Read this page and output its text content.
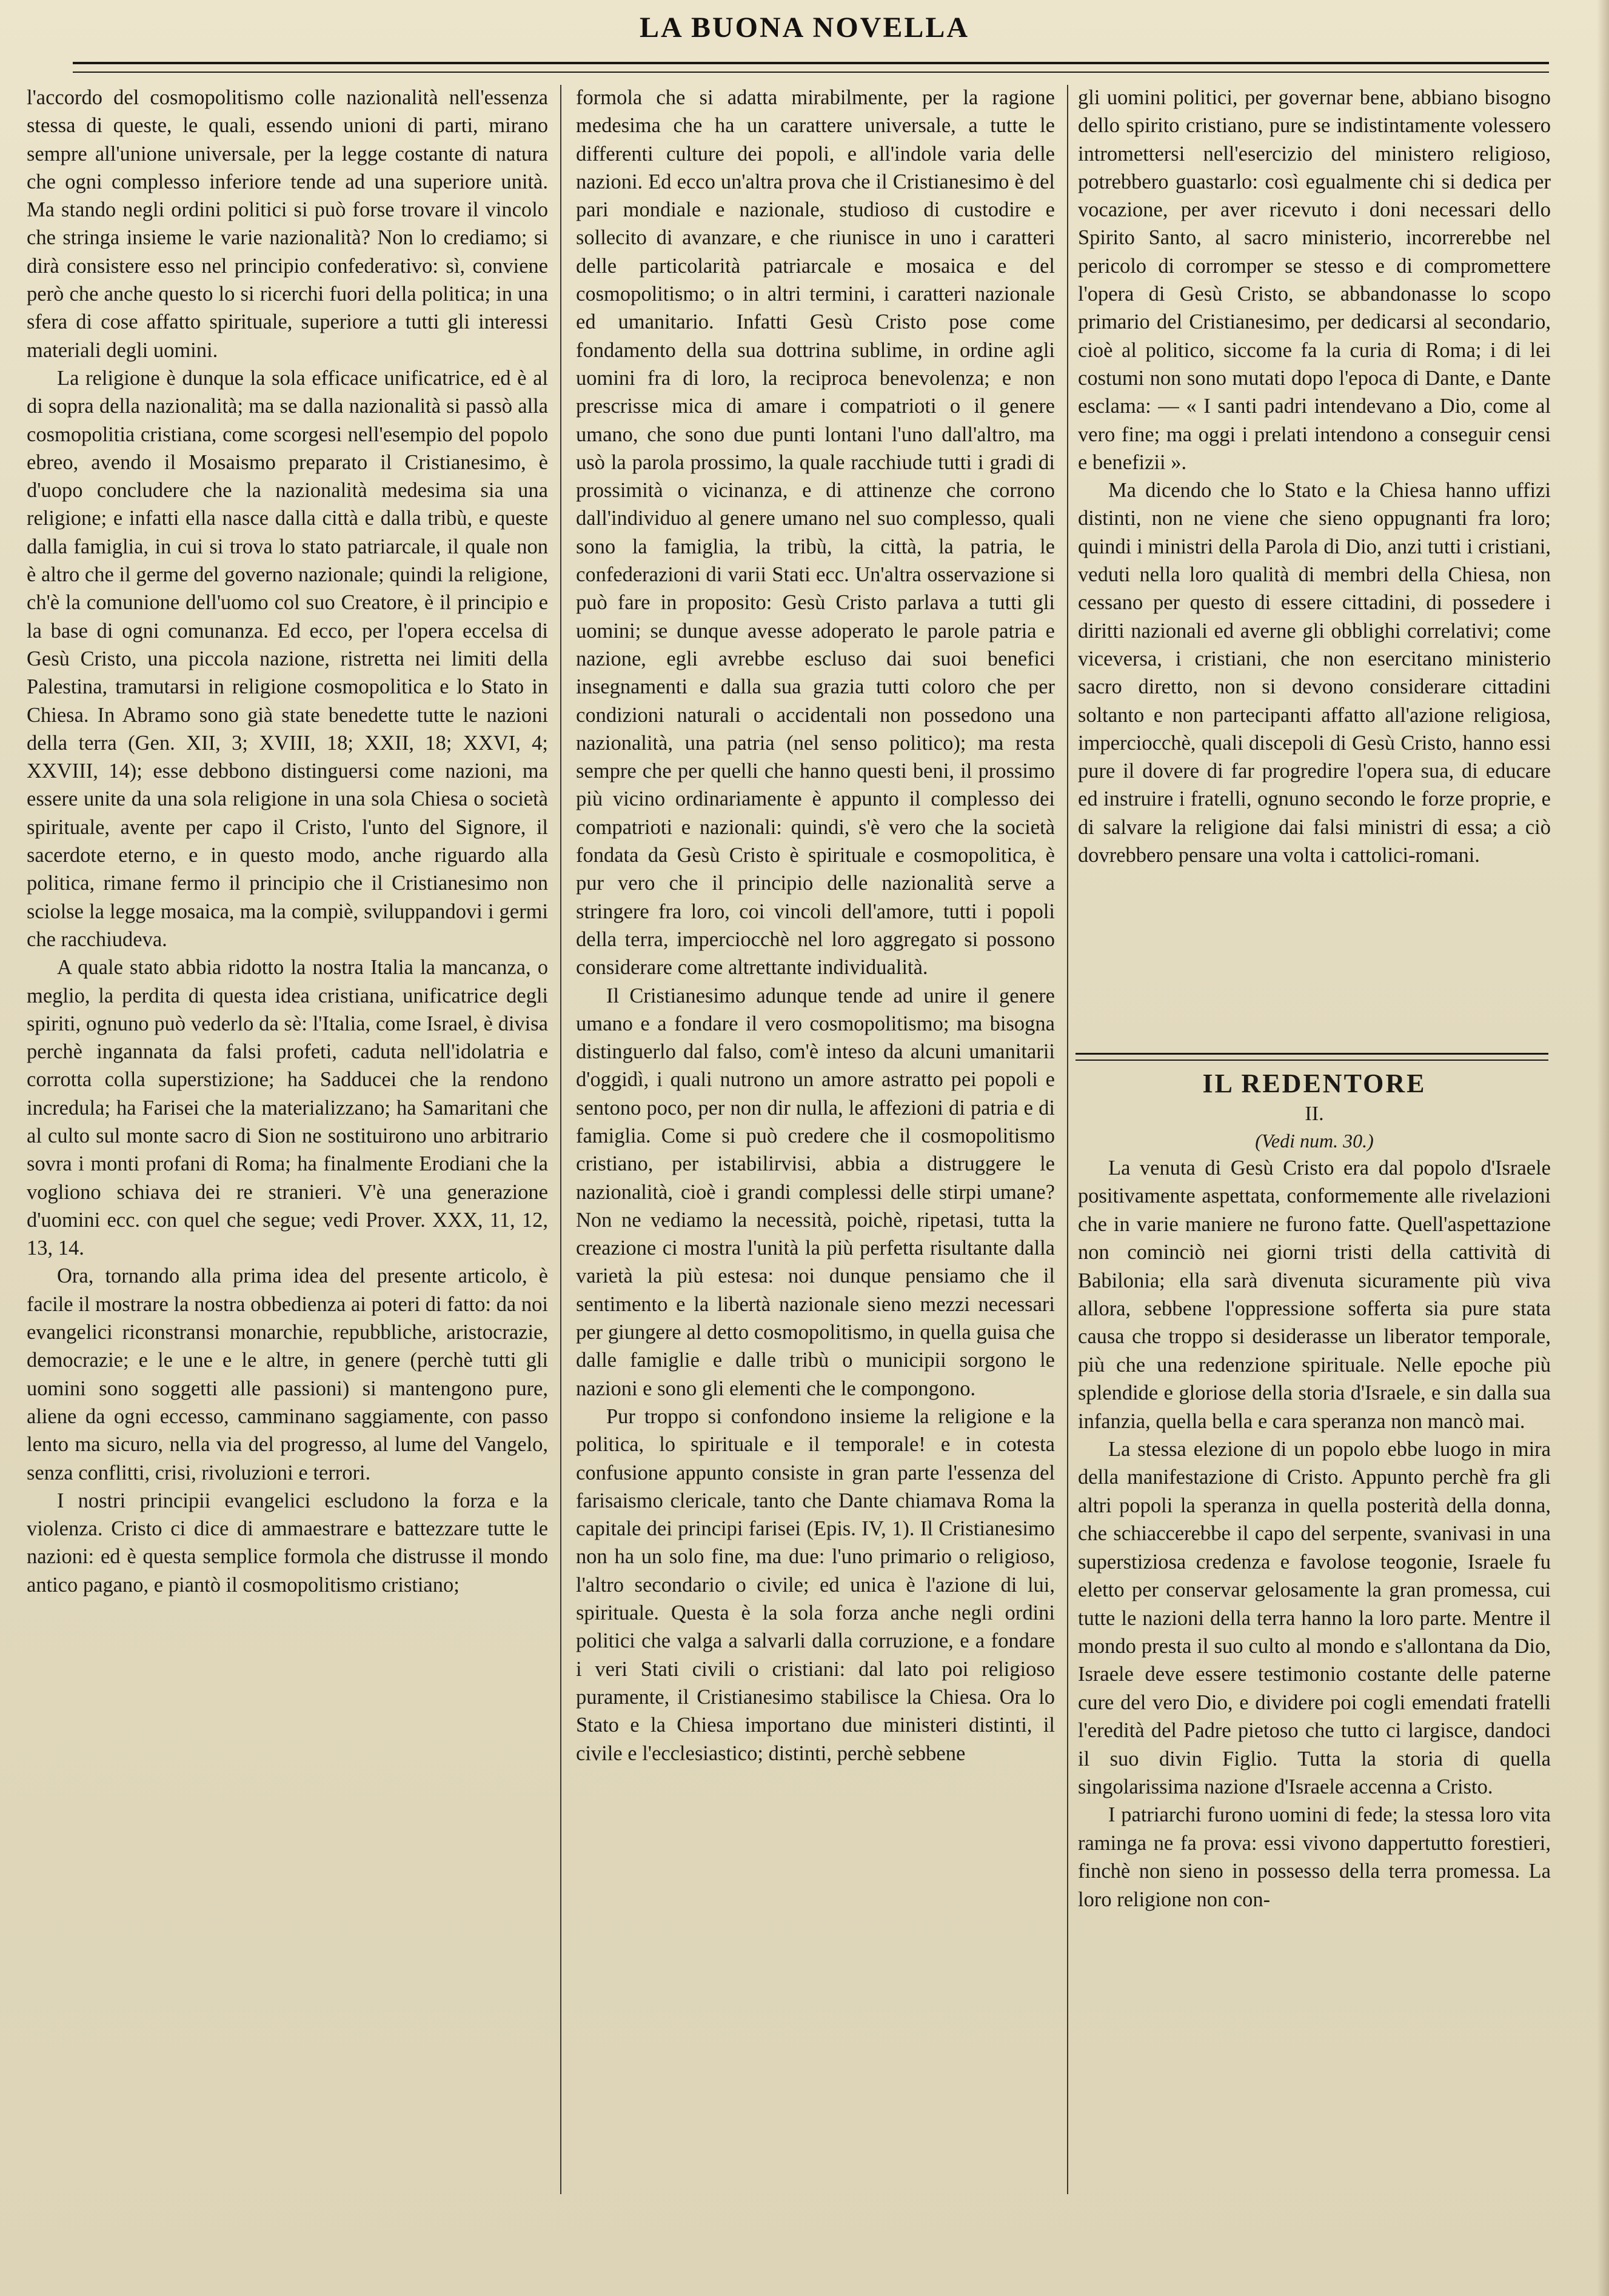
LA BUONA NOVELLA

l'accordo del cosmopolitismo colle nazionalità nell'essenza stessa di queste, le quali, essendo unioni di parti, mirano sempre all'unione universale, per la legge costante di natura che ogni complesso inferiore tende ad una superiore unità. Ma stando negli ordini politici si può forse trovare il vincolo che stringa insieme le varie nazionalità? Non lo crediamo; si dirà consistere esso nel principio confederativo: sì, conviene però che anche questo lo si ricerchi fuori della politica; in una sfera di cose affatto spirituale, superiore a tutti gli interessi materiali degli uomini.

La religione è dunque la sola efficace unificatrice, ed è al di sopra della nazionalità; ma se dalla nazionalità si passò alla cosmopolitia cristiana, come scorgesi nell'esempio del popolo ebreo, avendo il Mosaismo preparato il Cristianesimo, è d'uopo concludere che la nazionalità medesima sia una religione; e infatti ella nasce dalla città e dalla tribù, e queste dalla famiglia, in cui si trova lo stato patriarcale, il quale non è altro che il germe del governo nazionale; quindi la religione, ch'è la comunione dell'uomo col suo Creatore, è il principio e la base di ogni comunanza. Ed ecco, per l'opera eccelsa di Gesù Cristo, una piccola nazione, ristretta nei limiti della Palestina, tramutarsi in religione cosmopolitica e lo Stato in Chiesa. In Abramo sono già state benedette tutte le nazioni della terra (Gen. XII, 3; XVIII, 18; XXII, 18; XXVI, 4; XXVIII, 14); esse debbono distinguersi come nazioni, ma essere unite da una sola religione in una sola Chiesa o società spirituale, avente per capo il Cristo, l'unto del Signore, il sacerdote eterno, e in questo modo, anche riguardo alla politica, rimane fermo il principio che il Cristianesimo non sciolse la legge mosaica, ma la compiè, sviluppandovi i germi che racchiudeva.

A quale stato abbia ridotto la nostra Italia la mancanza, o meglio, la perdita di questa idea cristiana, unificatrice degli spiriti, ognuno può vederlo da sè: l'Italia, come Israel, è divisa perchè ingannata da falsi profeti, caduta nell'idolatria e corrotta colla superstizione; ha Sadducei che la rendono incredula; ha Farisei che la materializzano; ha Samaritani che al culto sul monte sacro di Sion ne sostituirono uno arbitrario sovra i monti profani di Roma; ha finalmente Erodiani che la vogliono schiava dei re stranieri. V'è una generazione d'uomini ecc. con quel che segue; vedi Prover. XXX, 11, 12, 13, 14.

Ora, tornando alla prima idea del presente articolo, è facile il mostrare la nostra obbedienza ai poteri di fatto: da noi evangelici riconstransi monarchie, repubbliche, aristocrazie, democrazie; e le une e le altre, in genere (perchè tutti gli uomini sono soggetti alle passioni) si mantengono pure, aliene da ogni eccesso, camminano saggiamente, con passo lento ma sicuro, nella via del progresso, al lume del Vangelo, senza conflitti, crisi, rivoluzioni e terrori.

I nostri principii evangelici escludono la forza e la violenza. Cristo ci dice di ammaestrare e battezzare tutte le nazioni: ed è questa semplice formola che distrusse il mondo antico pagano, e piantò il cosmopolitismo cristiano;

formola che si adatta mirabilmente, per la ragione medesima che ha un carattere universale, a tutte le differenti culture dei popoli, e all'indole varia delle nazioni. Ed ecco un'altra prova che il Cristianesimo è del pari mondiale e nazionale, studioso di custodire e sollecito di avanzare, e che riunisce in uno i caratteri delle particolarità patriarcale e mosaica e del cosmopolitismo; o in altri termini, i caratteri nazionale ed umanitario. Infatti Gesù Cristo pose come fondamento della sua dottrina sublime, in ordine agli uomini fra di loro, la reciproca benevolenza; e non prescrisse mica di amare i compatrioti o il genere umano, che sono due punti lontani l'uno dall'altro, ma usò la parola prossimo, la quale racchiude tutti i gradi di prossimità o vicinanza, e di attinenze che corrono dall'individuo al genere umano nel suo complesso, quali sono la famiglia, la tribù, la città, la patria, le confederazioni di varii Stati ecc. Un'altra osservazione si può fare in proposito: Gesù Cristo parlava a tutti gli uomini; se dunque avesse adoperato le parole patria e nazione, egli avrebbe escluso dai suoi benefici insegnamenti e dalla sua grazia tutti coloro che per condizioni naturali o accidentali non possedono una nazionalità, una patria (nel senso politico); ma resta sempre che per quelli che hanno questi beni, il prossimo più vicino ordinariamente è appunto il complesso dei compatrioti e nazionali: quindi, s'è vero che la società fondata da Gesù Cristo è spirituale e cosmopolitica, è pur vero che il principio delle nazionalità serve a stringere fra loro, coi vincoli dell'amore, tutti i popoli della terra, imperciocchè nel loro aggregato si possono considerare come altrettante individualità.

Il Cristianesimo adunque tende ad unire il genere umano e a fondare il vero cosmopolitismo; ma bisogna distinguerlo dal falso, com'è inteso da alcuni umanitarii d'oggidì, i quali nutrono un amore astratto pei popoli e sentono poco, per non dir nulla, le affezioni di patria e di famiglia. Come si può credere che il cosmopolitismo cristiano, per istabilirvisi, abbia a distruggere le nazionalità, cioè i grandi complessi delle stirpi umane? Non ne vediamo la necessità, poichè, ripetasi, tutta la creazione ci mostra l'unità la più perfetta risultante dalla varietà la più estesa: noi dunque pensiamo che il sentimento e la libertà nazionale sieno mezzi necessari per giungere al detto cosmopolitismo, in quella guisa che dalle famiglie e dalle tribù o municipii sorgono le nazioni e sono gli elementi che le compongono.

Pur troppo si confondono insieme la religione e la politica, lo spirituale e il temporale! e in cotesta confusione appunto consiste in gran parte l'essenza del farisaismo clericale, tanto che Dante chiamava Roma la capitale dei principi farisei (Epis. IV, 1). Il Cristianesimo non ha un solo fine, ma due: l'uno primario o religioso, l'altro secondario o civile; ed unica è l'azione di lui, spirituale. Questa è la sola forza anche negli ordini politici che valga a salvarli dalla corruzione, e a fondare i veri Stati civili o cristiani: dal lato poi religioso puramente, il Cristianesimo stabilisce la Chiesa. Ora lo Stato e la Chiesa importano due ministeri distinti, il civile e l'ecclesiastico; distinti, perchè sebbene

gli uomini politici, per governar bene, abbiano bisogno dello spirito cristiano, pure se indistintamente volessero intromettersi nell'esercizio del ministero religioso, potrebbero guastarlo: così egualmente chi si dedica per vocazione, per aver ricevuto i doni necessari dello Spirito Santo, al sacro ministerio, incorrerebbe nel pericolo di corromper se stesso e di compromettere l'opera di Gesù Cristo, se abbandonasse lo scopo primario del Cristianesimo, per dedicarsi al secondario, cioè al politico, siccome fa la curia di Roma; i di lei costumi non sono mutati dopo l'epoca di Dante, e Dante esclama: — « I santi padri intendevano a Dio, come al vero fine; ma oggi i prelati intendono a conseguir censi e benefizii ».

Ma dicendo che lo Stato e la Chiesa hanno uffizi distinti, non ne viene che sieno oppugnanti fra loro; quindi i ministri della Parola di Dio, anzi tutti i cristiani, veduti nella loro qualità di membri della Chiesa, non cessano per questo di essere cittadini, di possedere i diritti nazionali ed averne gli obblighi correlativi; come viceversa, i cristiani, che non esercitano ministerio sacro diretto, non si devono considerare cittadini soltanto e non partecipanti affatto all'azione religiosa, imperciocchè, quali discepoli di Gesù Cristo, hanno essi pure il dovere di far progredire l'opera sua, di educare ed instruire i fratelli, ognuno secondo le forze proprie, e di salvare la religione dai falsi ministri di essa; a ciò dovrebbero pensare una volta i cattolici-romani.

IL REDENTORE
II.
(Vedi num. 30.)

La venuta di Gesù Cristo era dal popolo d'Israele positivamente aspettata, conformemente alle rivelazioni che in varie maniere ne furono fatte. Quell'aspettazione non cominciò nei giorni tristi della cattività di Babilonia; ella sarà divenuta sicuramente più viva allora, sebbene l'oppressione sofferta sia pure stata causa che troppo si desiderasse un liberator temporale, più che una redenzione spirituale. Nelle epoche più splendide e gloriose della storia d'Israele, e sin dalla sua infanzia, quella bella e cara speranza non mancò mai.

La stessa elezione di un popolo ebbe luogo in mira della manifestazione di Cristo. Appunto perchè fra gli altri popoli la speranza in quella posterità della donna, che schiaccerebbe il capo del serpente, svanivasi in una superstiziosa credenza e favolose teogonie, Israele fu eletto per conservar gelosamente la gran promessa, cui tutte le nazioni della terra hanno la loro parte. Mentre il mondo presta il suo culto al mondo e s'allontana da Dio, Israele deve essere testimonio costante delle paterne cure del vero Dio, e dividere poi cogli emendati fratelli l'eredità del Padre pietoso che tutto ci largisce, dandoci il suo divin Figlio. Tutta la storia di quella singolarissima nazione d'Israele accenna a Cristo.

I patriarchi furono uomini di fede; la stessa loro vita raminga ne fa prova: essi vivono dappertutto forestieri, finchè non sieno in possesso della terra promessa. La loro religione non con-
